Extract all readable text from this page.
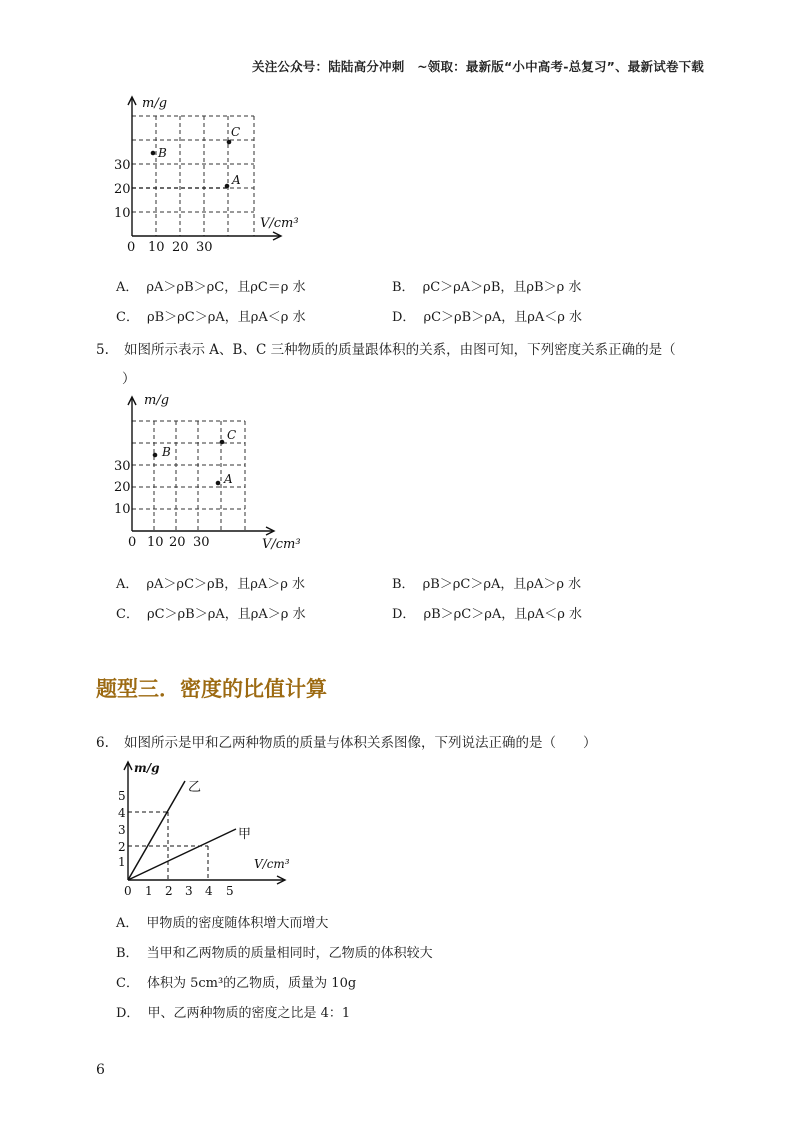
关注公众号：陆陆高分冲刺　~领取：最新版“小中高考-总复习”、最新试卷下载
m/g
V/cm³
30
20
10
0 10 20 30
A
B
C
A． ρA＞ρB＞ρC，且ρC＝ρ 水	B． ρC＞ρA＞ρB，且ρB＞ρ 水
C． ρB＞ρC＞ρA，且ρA＜ρ 水	D． ρC＞ρB＞ρA，且ρA＜ρ 水
5. 如图所示表示 A、B、C 三种物质的质量跟体积的关系，由图可知，下列密度关系正确的是（
）
m/g
V/cm³
30
20
10
0 10 20 30
A
B
C
A． ρA＞ρC＞ρB，且ρA＞ρ 水	B． ρB＞ρC＞ρA，且ρA＞ρ 水
C． ρC＞ρB＞ρA，且ρA＞ρ 水	D． ρB＞ρC＞ρA，且ρA＜ρ 水
题型三．密度的比值计算
6. 如图所示是甲和乙两种物质的质量与体积关系图像，下列说法正确的是（　　）
乙
甲
m/g
V/cm³
5
4
3
2
1
0 1 2 3 4 5
A． 甲物质的密度随体积增大而增大
B． 当甲和乙两物质的质量相同时，乙物质的体积较大
C． 体积为 5cm³的乙物质，质量为 10g
D． 甲、乙两种物质的密度之比是 4：1
6
